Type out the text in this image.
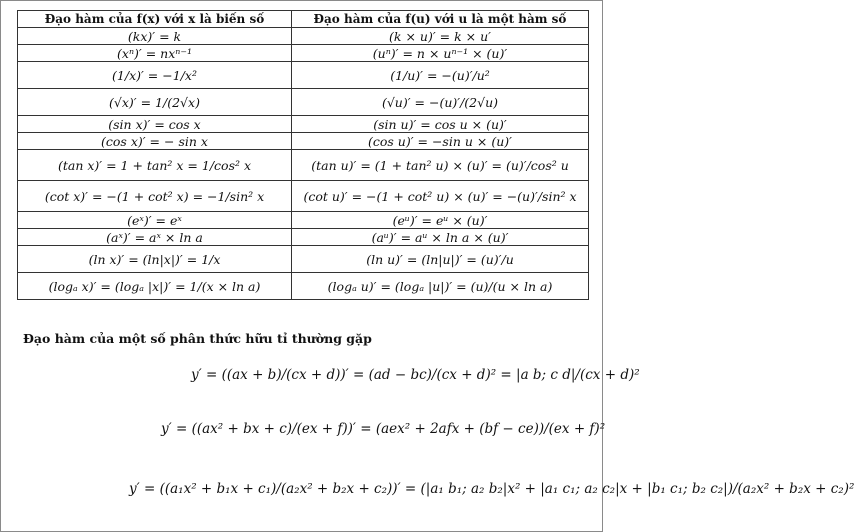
Đạo hàm của f(x) với x là biến số	Đạo hàm của f(u) với u là một hàm số
(kx)′ = k	(k × u)′ = k × u′
(xⁿ)′ = nxⁿ⁻¹	(uⁿ)′ = n × uⁿ⁻¹ × (u)′
(1/x)′ = −1/x²	(1/u)′ = −(u)′/u²
(√x)′ = 1/(2√x)	(√u)′ = −(u)′/(2√u)
(sin x)′ = cos x	(sin u)′ = cos u × (u)′
(cos x)′ = − sin x	(cos u)′ = −sin u × (u)′
(tan x)′ = 1 + tan² x = 1/cos² x	(tan u)′ = (1 + tan² u) × (u)′ = (u)′/cos² u
(cot x)′ = −(1 + cot² x) = −1/sin² x	(cot u)′ = −(1 + cot² u) × (u)′ = −(u)′/sin² x
(eˣ)′ = eˣ	(eᵘ)′ = eᵘ × (u)′
(aˣ)′ = aˣ × ln a	(aᵘ)′ = aᵘ × ln a × (u)′
(ln x)′ = (ln|x|)′ = 1/x	(ln u)′ = (ln|u|)′ = (u)′/u
(logₐ x)′ = (logₐ |x|)′ = 1/(x × ln a)	(logₐ u)′ = (logₐ |u|)′ = (u)/(u × ln a)
Đạo hàm của một số phân thức hữu tỉ thường gặp
y′ = ((ax + b)/(cx + d))′ = (ad − bc)/(cx + d)² = |a b; c d|/(cx + d)²
y′ = ((ax² + bx + c)/(ex + f))′ = (aex² + 2afx + (bf − ce))/(ex + f)²
y′ = ((a₁x² + b₁x + c₁)/(a₂x² + b₂x + c₂))′ = (|a₁ b₁; a₂ b₂|x² + |a₁ c₁; a₂ c₂|x + |b₁ c₁; b₂ c₂|)/(a₂x² + b₂x + c₂)²
